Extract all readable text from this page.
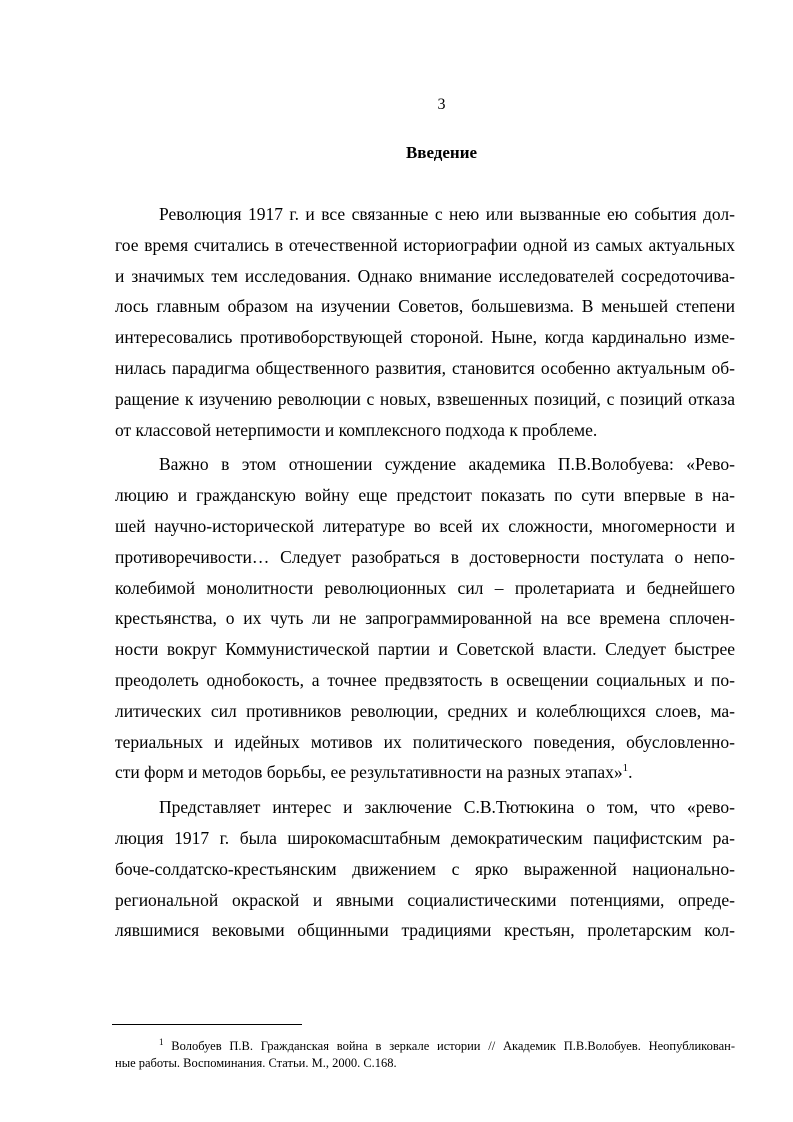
3
Введение

Революция 1917 г. и все связанные с нею или вызванные ею события дол-
гое время считались в отечественной историографии одной из самых актуальных
и значимых тем исследования. Однако внимание исследователей сосредоточива-
лось главным образом на изучении Советов, большевизма. В меньшей степени
интересовались противоборствующей стороной. Ныне, когда кардинально изме-
нилась парадигма общественного развития, становится особенно актуальным об-
ращение к изучению революции с новых, взвешенных позиций, с позиций отказа
от классовой нетерпимости и комплексного подхода к проблеме.

Важно в этом отношении суждение академика П.В.Волобуева: «Рево-
люцию и гражданскую войну еще предстоит показать по сути впервые в на-
шей научно-исторической литературе во всей их сложности, многомерности и
противоречивости… Следует разобраться в достоверности постулата о непо-
колебимой монолитности революционных сил – пролетариата и беднейшего
крестьянства, о их чуть ли не запрограммированной на все времена сплочен-
ности вокруг Коммунистической партии и Советской власти. Следует быстрее
преодолеть однобокость, а точнее предвзятость в освещении социальных и по-
литических сил противников революции, средних и колеблющихся слоев, ма-
териальных и идейных мотивов их политического поведения, обусловленно-
сти форм и методов борьбы, ее результативности на разных этапах»$^1$.

Представляет интерес и заключение С.В.Тютюкина о том, что «рево-
люция 1917 г. была широкомасштабным демократическим пацифистским ра-
боче-солдатско-крестьянским движением с ярко выраженной национально-
региональной окраской и явными социалистическими потенциями, опреде-
лявшимися вековыми общинными традициями крестьян, пролетарским кол-

$^1$ Волобуев П.В. Гражданская война в зеркале истории // Академик П.В.Волобуев. Неопубликован-
ные работы. Воспоминания. Статьи. М., 2000. С.168.
